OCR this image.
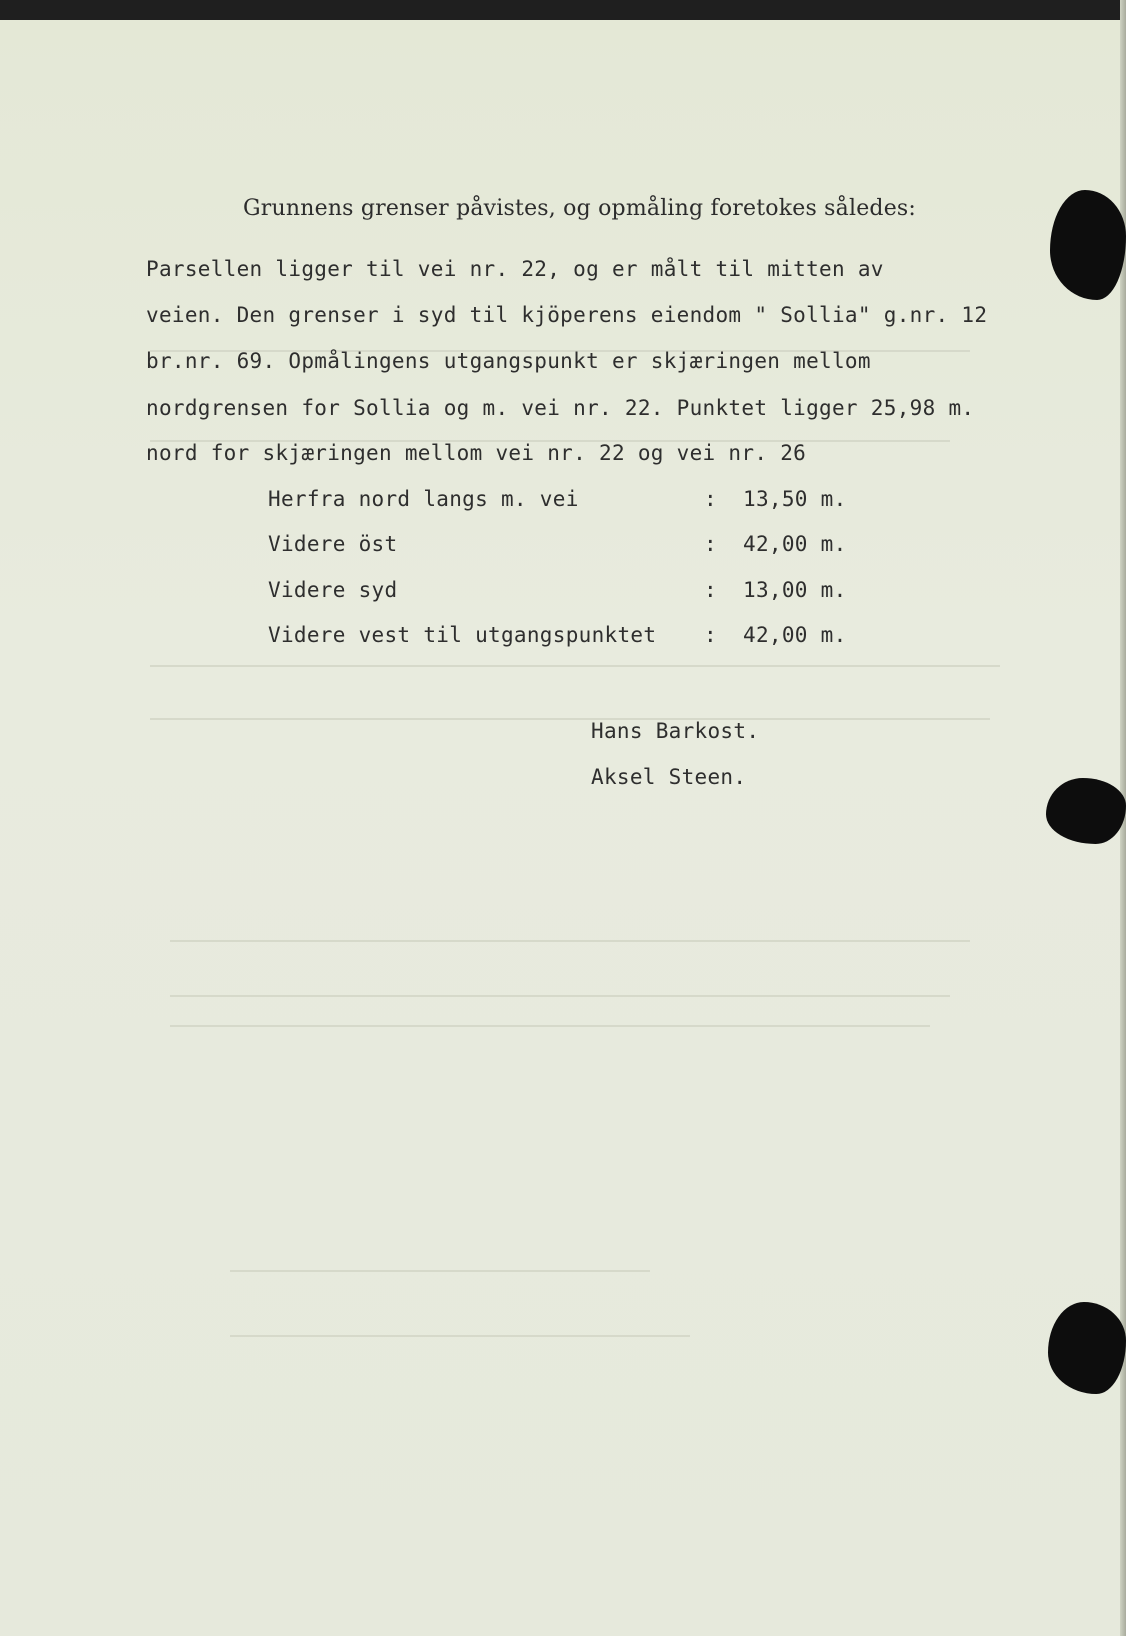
Grunnens grenser påvistes, og opmåling foretokes således:
Parsellen ligger til vei nr. 22, og er målt til mitten av
veien. Den grenser i syd til kjöperens eiendom " Sollia" g.nr. 12
br.nr. 69. Opmålingens utgangspunkt er skjæringen mellom
nordgrensen for Sollia og m. vei nr. 22. Punktet ligger 25,98 m.
nord for skjæringen mellom vei nr. 22 og vei nr. 26
Herfra nord langs m. vei	: 13,50 m.
Videre öst	: 42,00 m.
Videre syd	: 13,00 m.
Videre vest til utgangspunktet : 42,00 m.
Hans Barkost.
Aksel Steen.
